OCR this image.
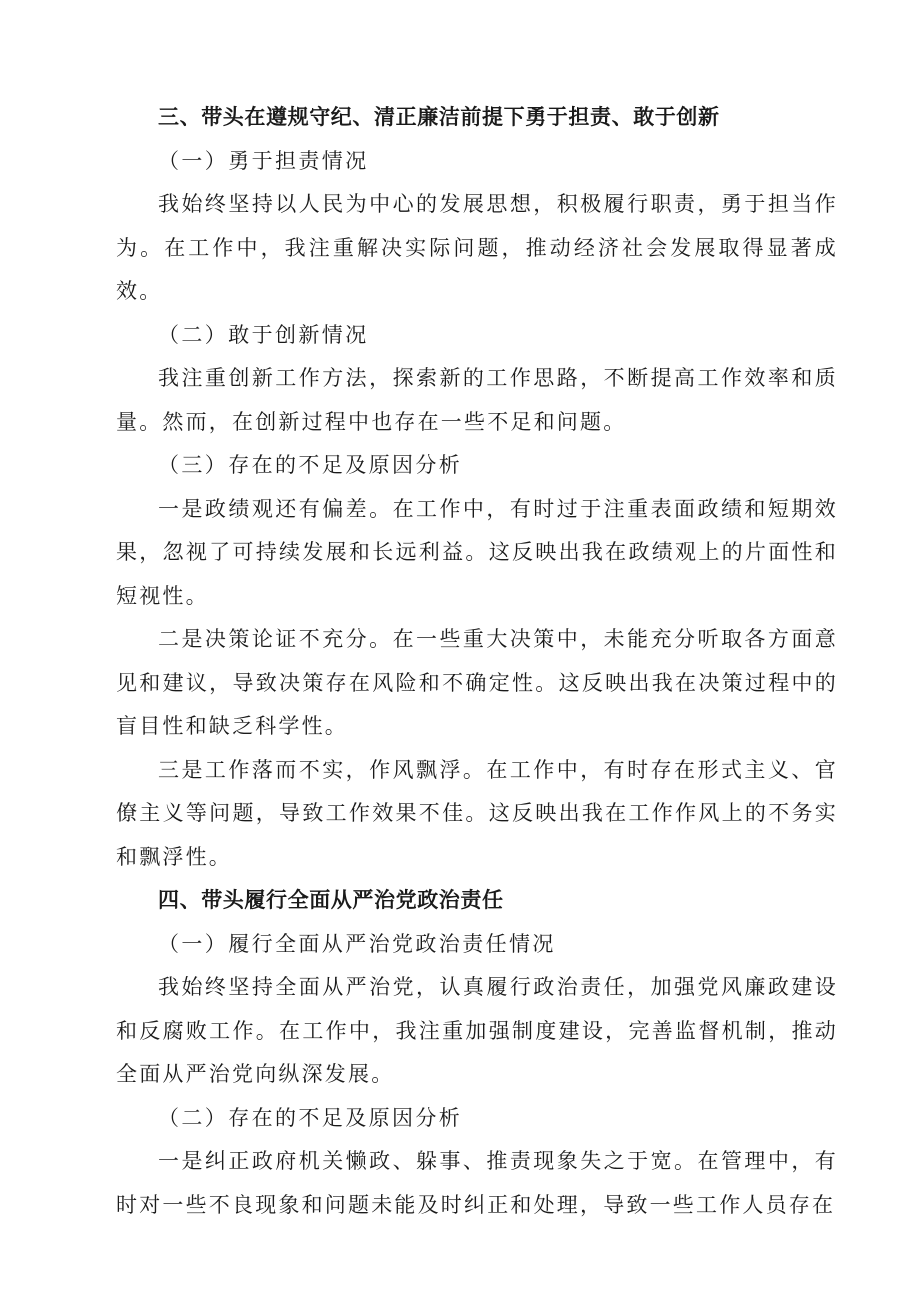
三、带头在遵规守纪、清正廉洁前提下勇于担责、敢于创新
（一）勇于担责情况

我始终坚持以人民为中心的发展思想，积极履行职责，勇于担当作为。在工作中，我注重解决实际问题，推动经济社会发展取得显著成效。

（二）敢于创新情况

我注重创新工作方法，探索新的工作思路，不断提高工作效率和质量。然而，在创新过程中也存在一些不足和问题。

（三）存在的不足及原因分析

一是政绩观还有偏差。在工作中，有时过于注重表面政绩和短期效果，忽视了可持续发展和长远利益。这反映出我在政绩观上的片面性和短视性。

二是决策论证不充分。在一些重大决策中，未能充分听取各方面意见和建议，导致决策存在风险和不确定性。这反映出我在决策过程中的盲目性和缺乏科学性。

三是工作落而不实，作风飘浮。在工作中，有时存在形式主义、官僚主义等问题，导致工作效果不佳。这反映出我在工作作风上的不务实和飘浮性。

四、带头履行全面从严治党政治责任
（一）履行全面从严治党政治责任情况

我始终坚持全面从严治党，认真履行政治责任，加强党风廉政建设和反腐败工作。在工作中，我注重加强制度建设，完善监督机制，推动全面从严治党向纵深发展。

（二）存在的不足及原因分析

一是纠正政府机关懒政、躲事、推责现象失之于宽。在管理中，有时对一些不良现象和问题未能及时纠正和处理，导致一些工作人员存在
